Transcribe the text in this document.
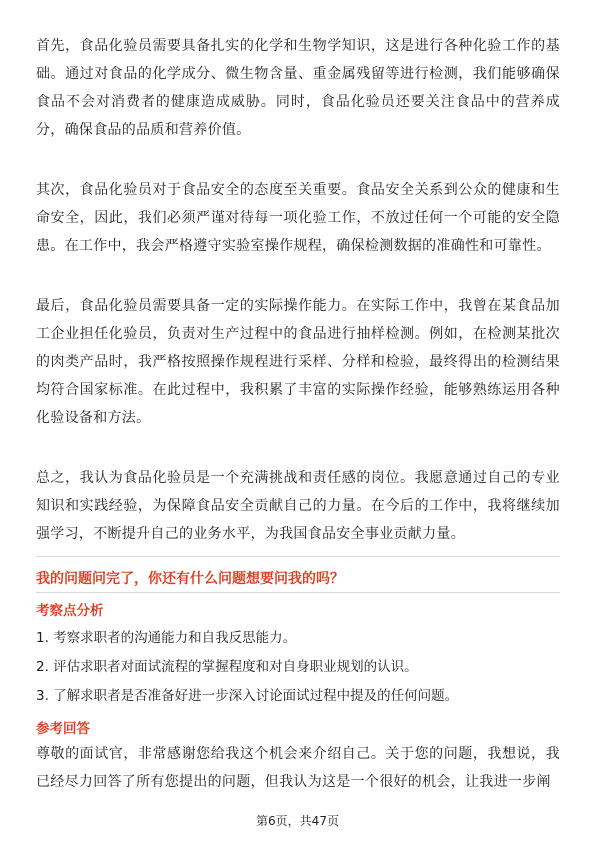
首先，食品化验员需要具备扎实的化学和生物学知识，这是进行各种化验工作的基础。通过对食品的化学成分、微生物含量、重金属残留等进行检测，我们能够确保食品不会对消费者的健康造成威胁。同时，食品化验员还要关注食品中的营养成分，确保食品的品质和营养价值。

其次，食品化验员对于食品安全的态度至关重要。食品安全关系到公众的健康和生命安全，因此，我们必须严谨对待每一项化验工作，不放过任何一个可能的安全隐患。在工作中，我会严格遵守实验室操作规程，确保检测数据的准确性和可靠性。

最后，食品化验员需要具备一定的实际操作能力。在实际工作中，我曾在某食品加工企业担任化验员，负责对生产过程中的食品进行抽样检测。例如，在检测某批次的肉类产品时，我严格按照操作规程进行采样、分样和检验，最终得出的检测结果均符合国家标准。在此过程中，我积累了丰富的实际操作经验，能够熟练运用各种化验设备和方法。

总之，我认为食品化验员是一个充满挑战和责任感的岗位。我愿意通过自己的专业知识和实践经验，为保障食品安全贡献自己的力量。在今后的工作中，我将继续加强学习，不断提升自己的业务水平，为我国食品安全事业贡献力量。

我的问题问完了，你还有什么问题想要问我的吗？
考察点分析
1. 考察求职者的沟通能力和自我反思能力。
2. 评估求职者对面试流程的掌握程度和对自身职业规划的认识。
3. 了解求职者是否准备好进一步深入讨论面试过程中提及的任何问题。
参考回答

尊敬的面试官，非常感谢您给我这个机会来介绍自己。关于您的问题，我想说，我已经尽力回答了所有您提出的问题，但我认为这是一个很好的机会，让我进一步阐

第6页，共47页
